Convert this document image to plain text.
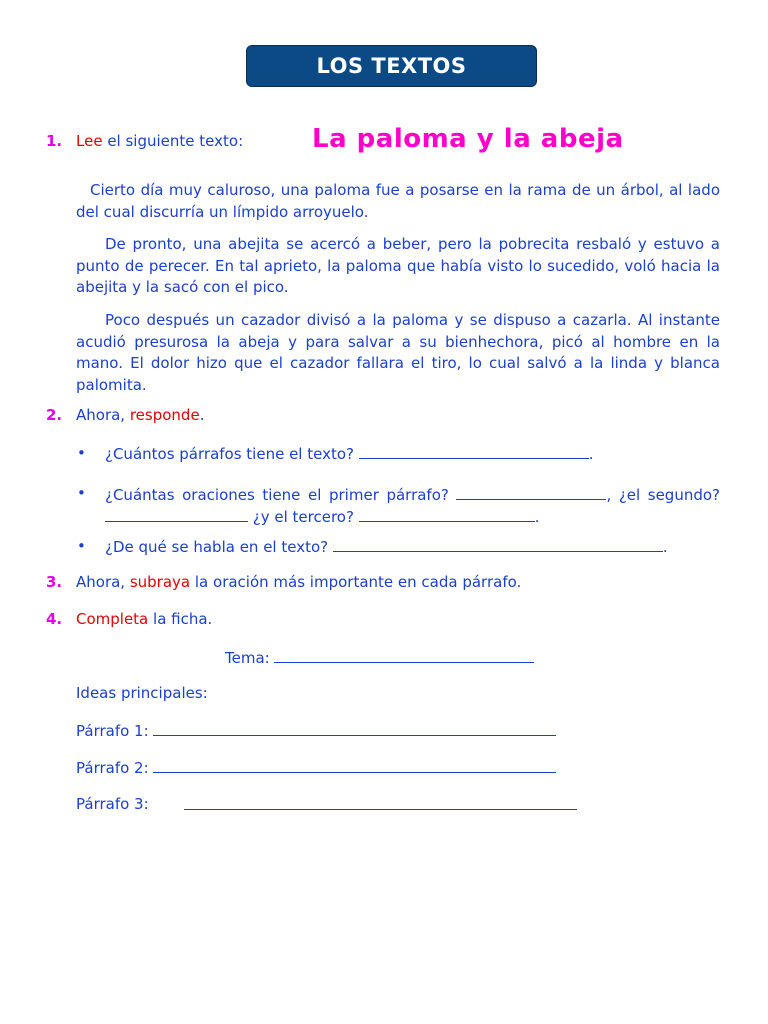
LOS TEXTOS
1. Lee el siguiente texto:	La paloma y la abeja

Cierto día muy caluroso, una paloma fue a posarse en la rama de un árbol, al lado del cual discurría un límpido arroyuelo.

De pronto, una abejita se acercó a beber, pero la pobrecita resbaló y estuvo a punto de perecer. En tal aprieto, la paloma que había visto lo sucedido, voló hacia la abejita y la sacó con el pico.

Poco después un cazador divisó a la paloma y se dispuso a cazarla. Al instante acudió presurosa la abeja y para salvar a su bienhechora, picó al hombre en la mano. El dolor hizo que el cazador fallara el tiro, lo cual salvó a la linda y blanca palomita.

2. Ahora, responde.
• ¿Cuántos párrafos tiene el texto?	.
• ¿Cuántas oraciones tiene el primer párrafo?	, ¿el segundo?  ¿y el tercero?	.

• ¿De qué se habla en el texto?	.
3. Ahora, subraya la oración más importante en cada párrafo.
4. Completa la ficha.
Tema:
Ideas principales:
Párrafo 1:
Párrafo 2:
Párrafo 3:
